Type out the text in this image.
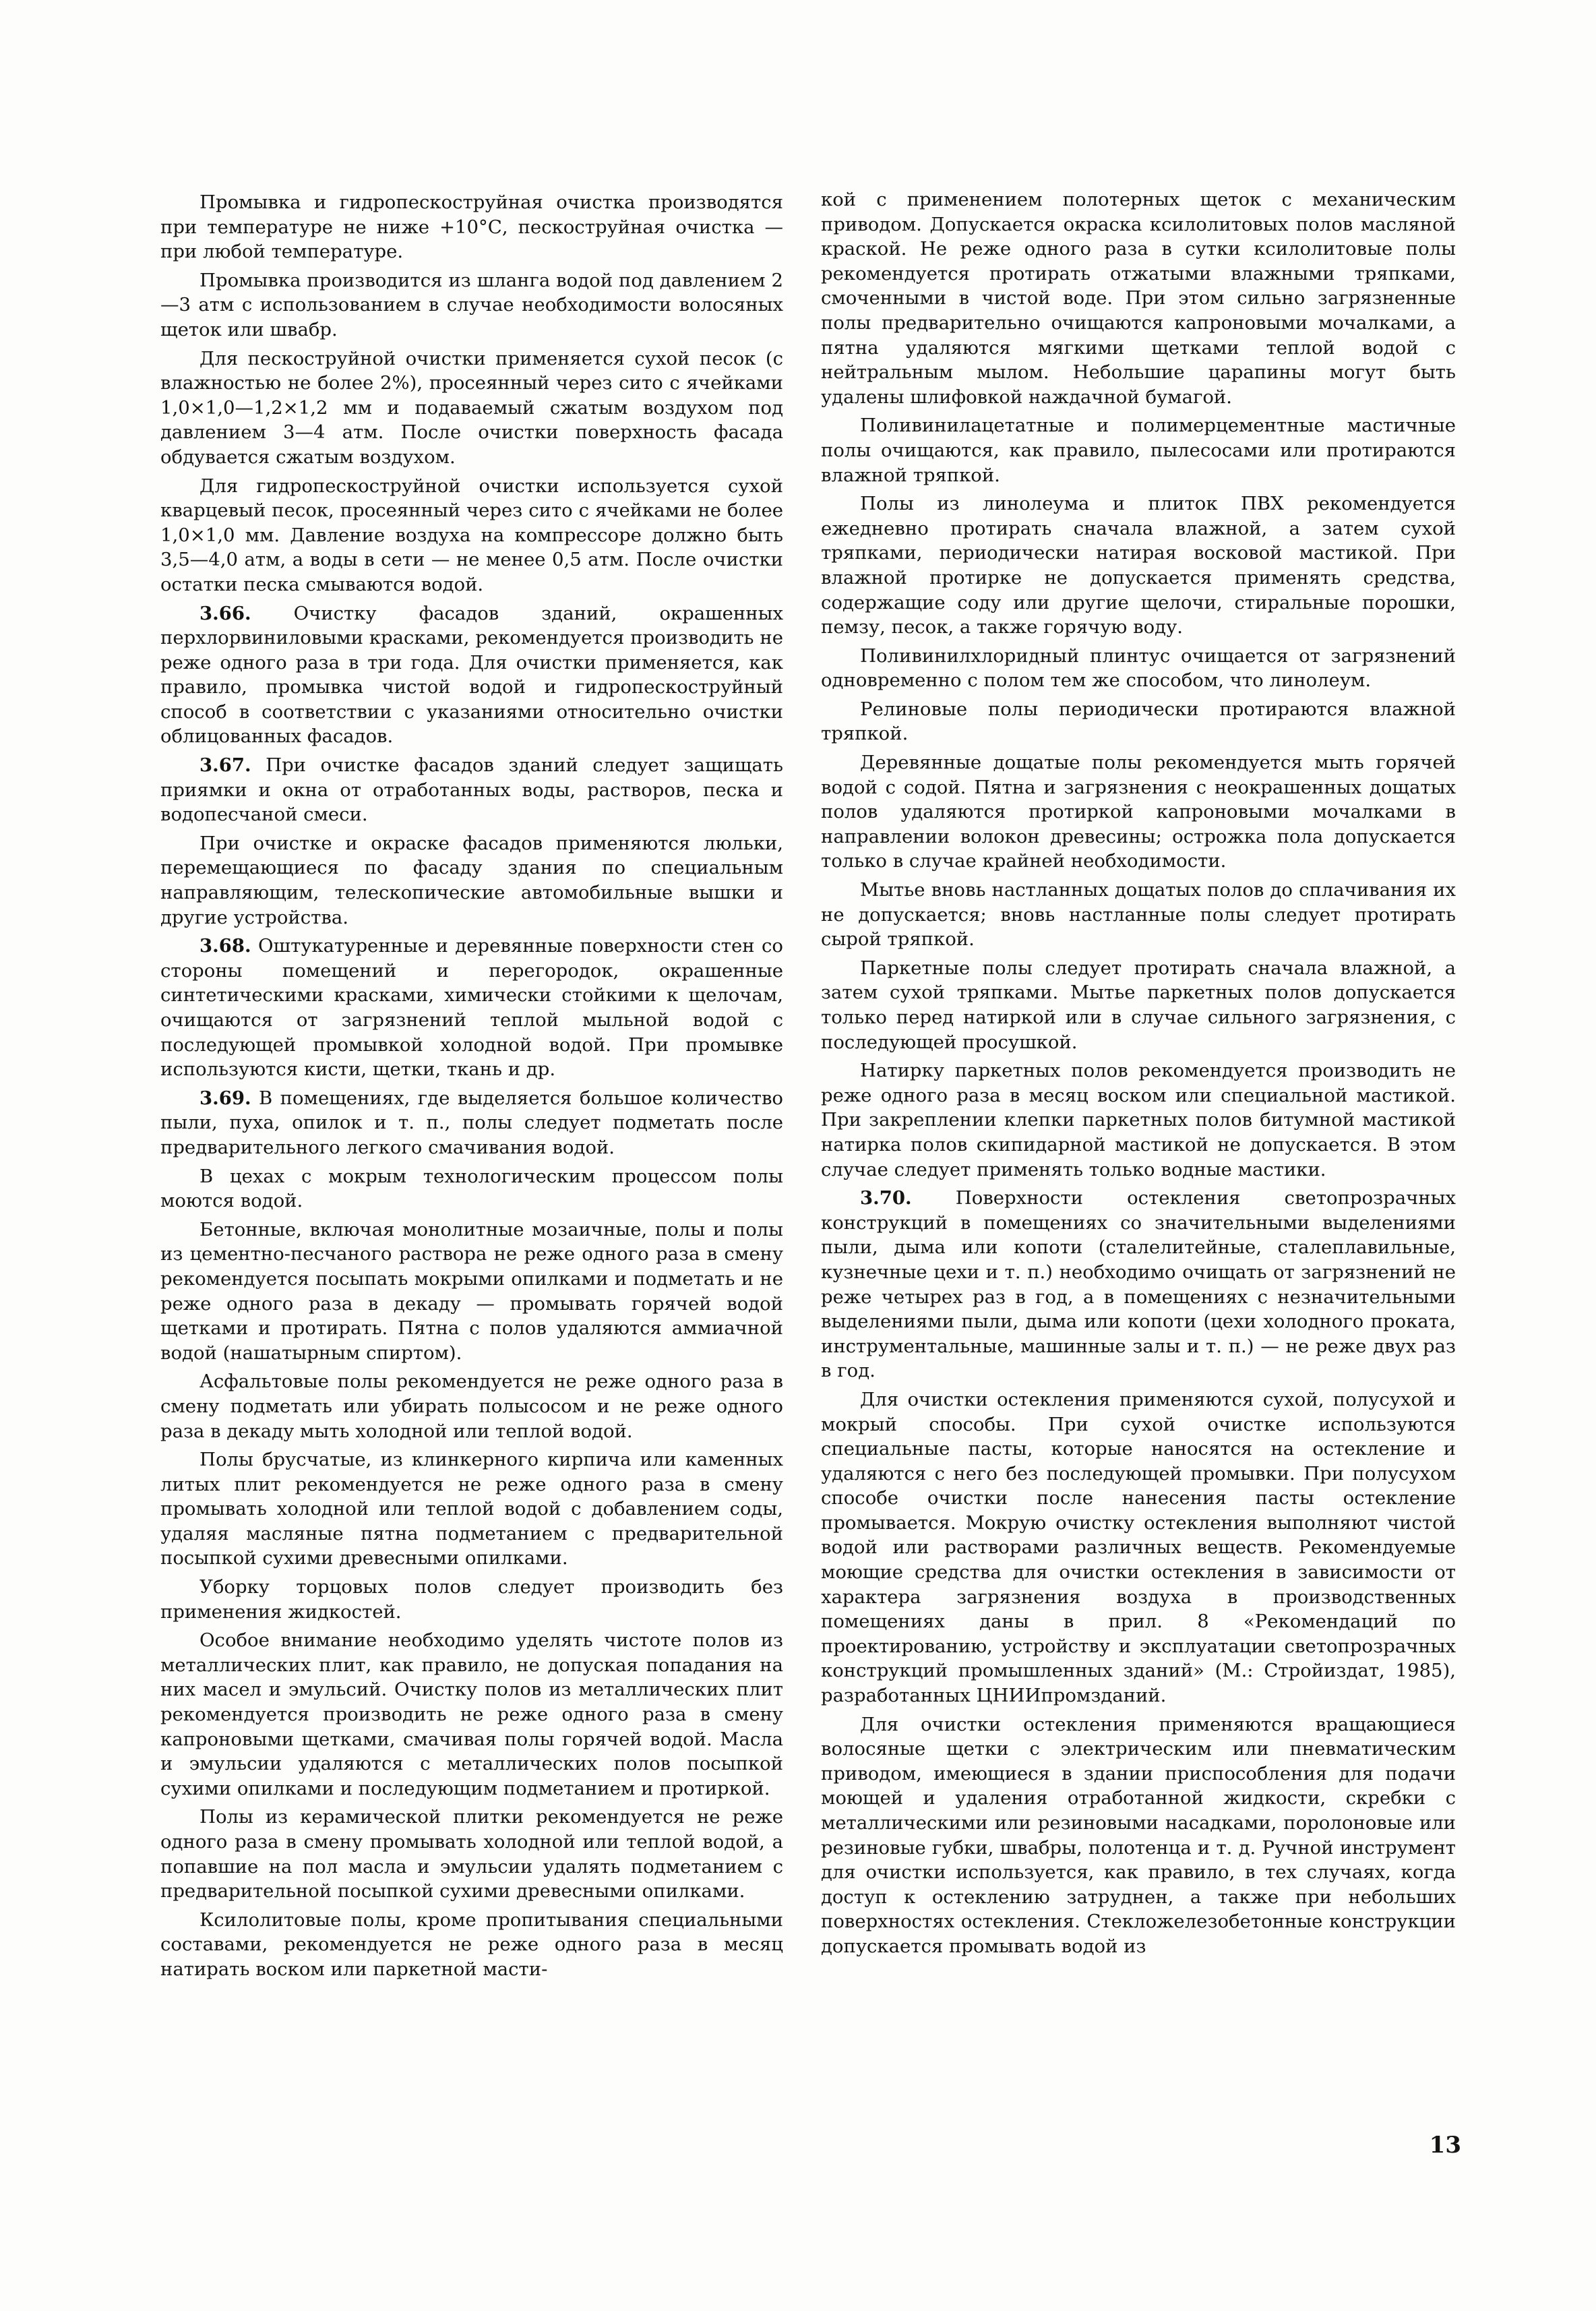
Промывка и гидропескоструйная очистка производятся при температуре не ниже +10°С, пескоструйная очистка — при любой температуре.

Промывка производится из шланга водой под давлением 2—3 атм с использованием в случае необходимости волосяных щеток или швабр.

Для пескоструйной очистки применяется сухой песок (с влажностью не более 2%), просеянный через сито с ячейками 1,0×1,0—1,2×1,2 мм и подаваемый сжатым воздухом под давлением 3—4 атм. После очистки поверхность фасада обдувается сжатым воздухом.

Для гидропескоструйной очистки используется сухой кварцевый песок, просеянный через сито с ячейками не более 1,0×1,0 мм. Давление воздуха на компрессоре должно быть 3,5—4,0 атм, а воды в сети — не менее 0,5 атм. После очистки остатки песка смываются водой.

3.66. Очистку фасадов зданий, окрашенных перхлорвиниловыми красками, рекомендуется производить не реже одного раза в три года. Для очистки применяется, как правило, промывка чистой водой и гидропескоструйный способ в соответствии с указаниями относительно очистки облицованных фасадов.

3.67. При очистке фасадов зданий следует защищать приямки и окна от отработанных воды, растворов, песка и водопесчаной смеси.

При очистке и окраске фасадов применяются люльки, перемещающиеся по фасаду здания по специальным направляющим, телескопические автомобильные вышки и другие устройства.

3.68. Оштукатуренные и деревянные поверхности стен со стороны помещений и перегородок, окрашенные синтетическими красками, химически стойкими к щелочам, очищаются от загрязнений теплой мыльной водой с последующей промывкой холодной водой. При промывке используются кисти, щетки, ткань и др.

3.69. В помещениях, где выделяется большое количество пыли, пуха, опилок и т. п., полы следует подметать после предварительного легкого смачивания водой.

В цехах с мокрым технологическим процессом полы моются водой.

Бетонные, включая монолитные мозаичные, полы и полы из цементно-песчаного раствора не реже одного раза в смену рекомендуется посыпать мокрыми опилками и подметать и не реже одного раза в декаду — промывать горячей водой щетками и протирать. Пятна с полов удаляются аммиачной водой (нашатырным спиртом).

Асфальтовые полы рекомендуется не реже одного раза в смену подметать или убирать полысосом и не реже одного раза в декаду мыть холодной или теплой водой.

Полы брусчатые, из клинкерного кирпича или каменных литых плит рекомендуется не реже одного раза в смену промывать холодной или теплой водой с добавлением соды, удаляя масляные пятна подметанием с предварительной посыпкой сухими древесными опилками.

Уборку торцовых полов следует производить без применения жидкостей.

Особое внимание необходимо уделять чистоте полов из металлических плит, как правило, не допуская попадания на них масел и эмульсий. Очистку полов из металлических плит рекомендуется производить не реже одного раза в смену капроновыми щетками, смачивая полы горячей водой. Масла и эмульсии удаляются с металлических полов посыпкой сухими опилками и последующим подметанием и протиркой.

Полы из керамической плитки рекомендуется не реже одного раза в смену промывать холодной или теплой водой, а попавшие на пол масла и эмульсии удалять подметанием с предварительной посыпкой сухими древесными опилками.

Ксилолитовые полы, кроме пропитывания специальными составами, рекомендуется не реже одного раза в месяц натирать воском или паркетной масти-

кой с применением полотерных щеток с механическим приводом. Допускается окраска ксилолитовых полов масляной краской. Не реже одного раза в сутки ксилолитовые полы рекомендуется протирать отжатыми влажными тряпками, смоченными в чистой воде. При этом сильно загрязненные полы предварительно очищаются капроновыми мочалками, а пятна удаляются мягкими щетками теплой водой с нейтральным мылом. Небольшие царапины могут быть удалены шлифовкой наждачной бумагой.

Поливинилацетатные и полимерцементные мастичные полы очищаются, как правило, пылесосами или протираются влажной тряпкой.

Полы из линолеума и плиток ПВХ рекомендуется ежедневно протирать сначала влажной, а затем сухой тряпками, периодически натирая восковой мастикой. При влажной протирке не допускается применять средства, содержащие соду или другие щелочи, стиральные порошки, пемзу, песок, а также горячую воду.

Поливинилхлоридный плинтус очищается от загрязнений одновременно с полом тем же способом, что линолеум.

Релиновые полы периодически протираются влажной тряпкой.

Деревянные дощатые полы рекомендуется мыть горячей водой с содой. Пятна и загрязнения с неокрашенных дощатых полов удаляются протиркой капроновыми мочалками в направлении волокон древесины; острожка пола допускается только в случае крайней необходимости.

Мытье вновь настланных дощатых полов до сплачивания их не допускается; вновь настланные полы следует протирать сырой тряпкой.

Паркетные полы следует протирать сначала влажной, а затем сухой тряпками. Мытье паркетных полов допускается только перед натиркой или в случае сильного загрязнения, с последующей просушкой.

Натирку паркетных полов рекомендуется производить не реже одного раза в месяц воском или специальной мастикой. При закреплении клепки паркетных полов битумной мастикой натирка полов скипидарной мастикой не допускается. В этом случае следует применять только водные мастики.

3.70. Поверхности остекления светопрозрачных конструкций в помещениях со значительными выделениями пыли, дыма или копоти (сталелитейные, сталеплавильные, кузнечные цехи и т. п.) необходимо очищать от загрязнений не реже четырех раз в год, а в помещениях с незначительными выделениями пыли, дыма или копоти (цехи холодного проката, инструментальные, машинные залы и т. п.) — не реже двух раз в год.

Для очистки остекления применяются сухой, полусухой и мокрый способы. При сухой очистке используются специальные пасты, которые наносятся на остекление и удаляются с него без последующей промывки. При полусухом способе очистки после нанесения пасты остекление промывается. Мокрую очистку остекления выполняют чистой водой или растворами различных веществ. Рекомендуемые моющие средства для очистки остекления в зависимости от характера загрязнения воздуха в производственных помещениях даны в прил. 8 «Рекомендаций по проектированию, устройству и эксплуатации светопрозрачных конструкций промышленных зданий» (М.: Стройиздат, 1985), разработанных ЦНИИпромзданий.

Для очистки остекления применяются вращающиеся волосяные щетки с электрическим или пневматическим приводом, имеющиеся в здании приспособления для подачи моющей и удаления отработанной жидкости, скребки с металлическими или резиновыми насадками, поролоновые или резиновые губки, швабры, полотенца и т. д. Ручной инструмент для очистки используется, как правило, в тех случаях, когда доступ к остеклению затруднен, а также при небольших поверхностях остекления. Стекложелезобетонные конструкции допускается промывать водой из

13
